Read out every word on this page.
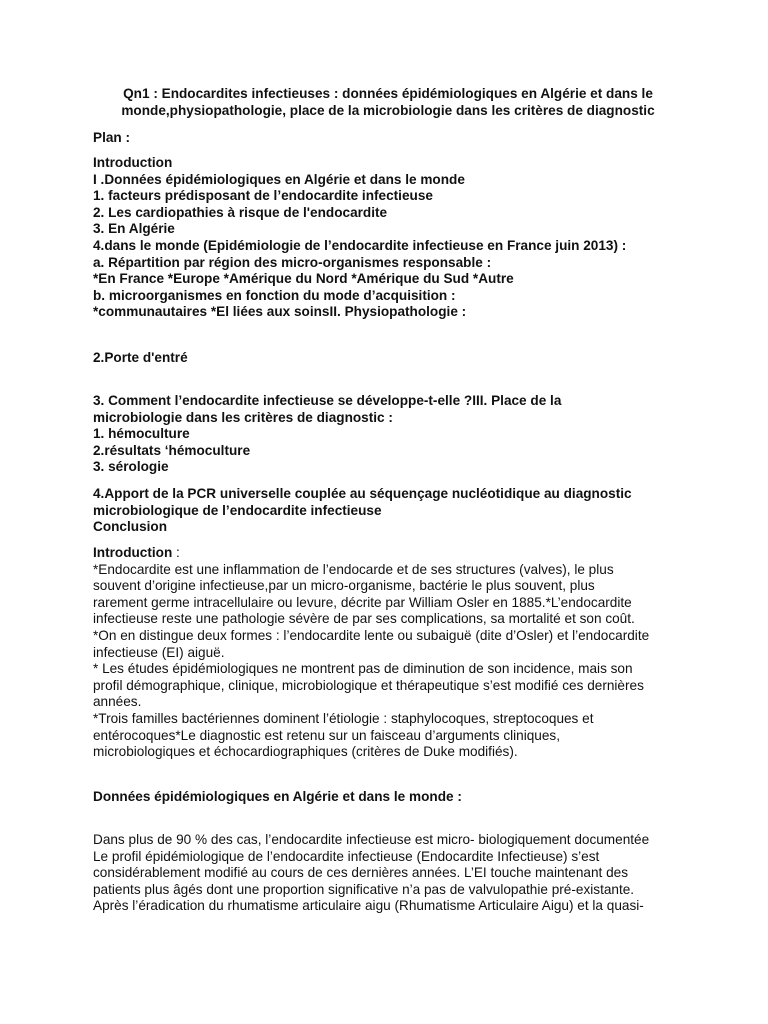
Qn1 : Endocardites infectieuses : données épidémiologiques en Algérie et dans le
monde,physiopathologie, place de la microbiologie dans les critères de diagnostic
Plan :
Introduction
I .Données épidémiologiques en Algérie et dans le monde
1. facteurs prédisposant de l’endocardite infectieuse
2. Les cardiopathies à risque de l'endocardite
3. En Algérie
4.dans le monde (Epidémiologie de l’endocardite infectieuse en France juin 2013) :
a. Répartition par région des micro-organismes responsable :
*En France *Europe *Amérique du Nord *Amérique du Sud *Autre
b. microorganismes en fonction du mode d’acquisition :
*communautaires *El liées aux soinsII. Physiopathologie :
2.Porte d'entré
3. Comment l’endocardite infectieuse se développe-t-elle ?III. Place de la
microbiologie dans les critères de diagnostic :
1. hémoculture
2.résultats ‘hémoculture
3. sérologie
4.Apport de la PCR universelle couplée au séquençage nucléotidique au diagnostic
microbiologique de l’endocardite infectieuse
Conclusion
Introduction :
*Endocardite est une inflammation de l’endocarde et de ses structures (valves), le plus
souvent d’origine infectieuse,par un micro-organisme, bactérie le plus souvent, plus
rarement germe intracellulaire ou levure, décrite par William Osler en 1885.*L’endocardite
infectieuse reste une pathologie sévère de par ses complications, sa mortalité et son coût.
*On en distingue deux formes : l’endocardite lente ou subaiguë (dite d’Osler) et l’endocardite
infectieuse (EI) aiguë.
* Les études épidémiologiques ne montrent pas de diminution de son incidence, mais son
profil démographique, clinique, microbiologique et thérapeutique s’est modifié ces dernières
années.
*Trois familles bactériennes dominent l’étiologie : staphylocoques, streptocoques et
entérocoques*Le diagnostic est retenu sur un faisceau d’arguments cliniques,
microbiologiques et échocardiographiques (critères de Duke modifiés).
Données épidémiologiques en Algérie et dans le monde :
Dans plus de 90 % des cas, l’endocardite infectieuse est micro- biologiquement documentée
Le profil épidémiologique de l’endocardite infectieuse (Endocardite Infectieuse) s’est
considérablement modifié au cours de ces dernières années. L’EI touche maintenant des
patients plus âgés dont une proportion significative n’a pas de valvulopathie pré-existante.
Après l’éradication du rhumatisme articulaire aigu (Rhumatisme Articulaire Aigu) et la quasi-
